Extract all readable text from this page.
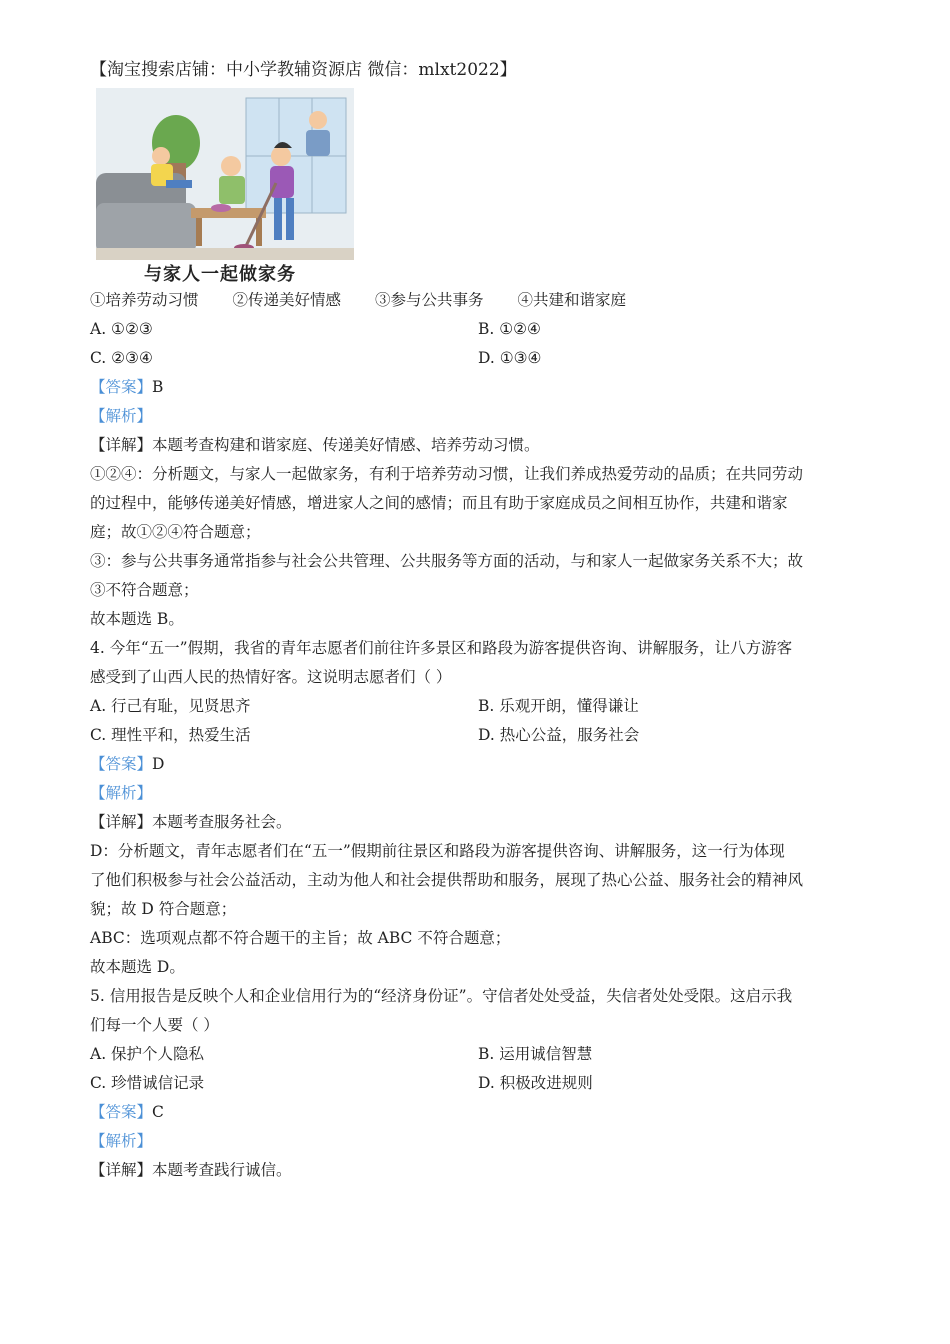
【淘宝搜索店铺：中小学教辅资源店 微信：mlxt2022】
与家人一起做家务
①培养劳动习惯 ②传递美好情感 ③参与公共事务 ④共建和谐家庭
A. ①②③	B. ①②④
C. ②③④	D. ①③④
【答案】B
【解析】
【详解】本题考查构建和谐家庭、传递美好情感、培养劳动习惯。
①②④：分析题文，与家人一起做家务，有利于培养劳动习惯，让我们养成热爱劳动的品质；在共同劳动
的过程中，能够传递美好情感，增进家人之间的感情；而且有助于家庭成员之间相互协作，共建和谐家
庭；故①②④符合题意；
③：参与公共事务通常指参与社会公共管理、公共服务等方面的活动，与和家人一起做家务关系不大；故
③不符合题意；
故本题选 B。
4. 今年“五一”假期，我省的青年志愿者们前往许多景区和路段为游客提供咨询、讲解服务，让八方游客
感受到了山西人民的热情好客。这说明志愿者们（ ）
A. 行己有耻，见贤思齐	B. 乐观开朗，懂得谦让
C. 理性平和，热爱生活	D. 热心公益，服务社会
【答案】D
【解析】
【详解】本题考查服务社会。
D：分析题文，青年志愿者们在“五一”假期前往景区和路段为游客提供咨询、讲解服务，这一行为体现
了他们积极参与社会公益活动，主动为他人和社会提供帮助和服务，展现了热心公益、服务社会的精神风
貌；故 D 符合题意；
ABC：选项观点都不符合题干的主旨；故 ABC 不符合题意；
故本题选 D。
5. 信用报告是反映个人和企业信用行为的“经济身份证”。守信者处处受益，失信者处处受限。这启示我
们每一个人要（ ）
A. 保护个人隐私	B. 运用诚信智慧
C. 珍惜诚信记录	D. 积极改进规则
【答案】C
【解析】
【详解】本题考查践行诚信。
